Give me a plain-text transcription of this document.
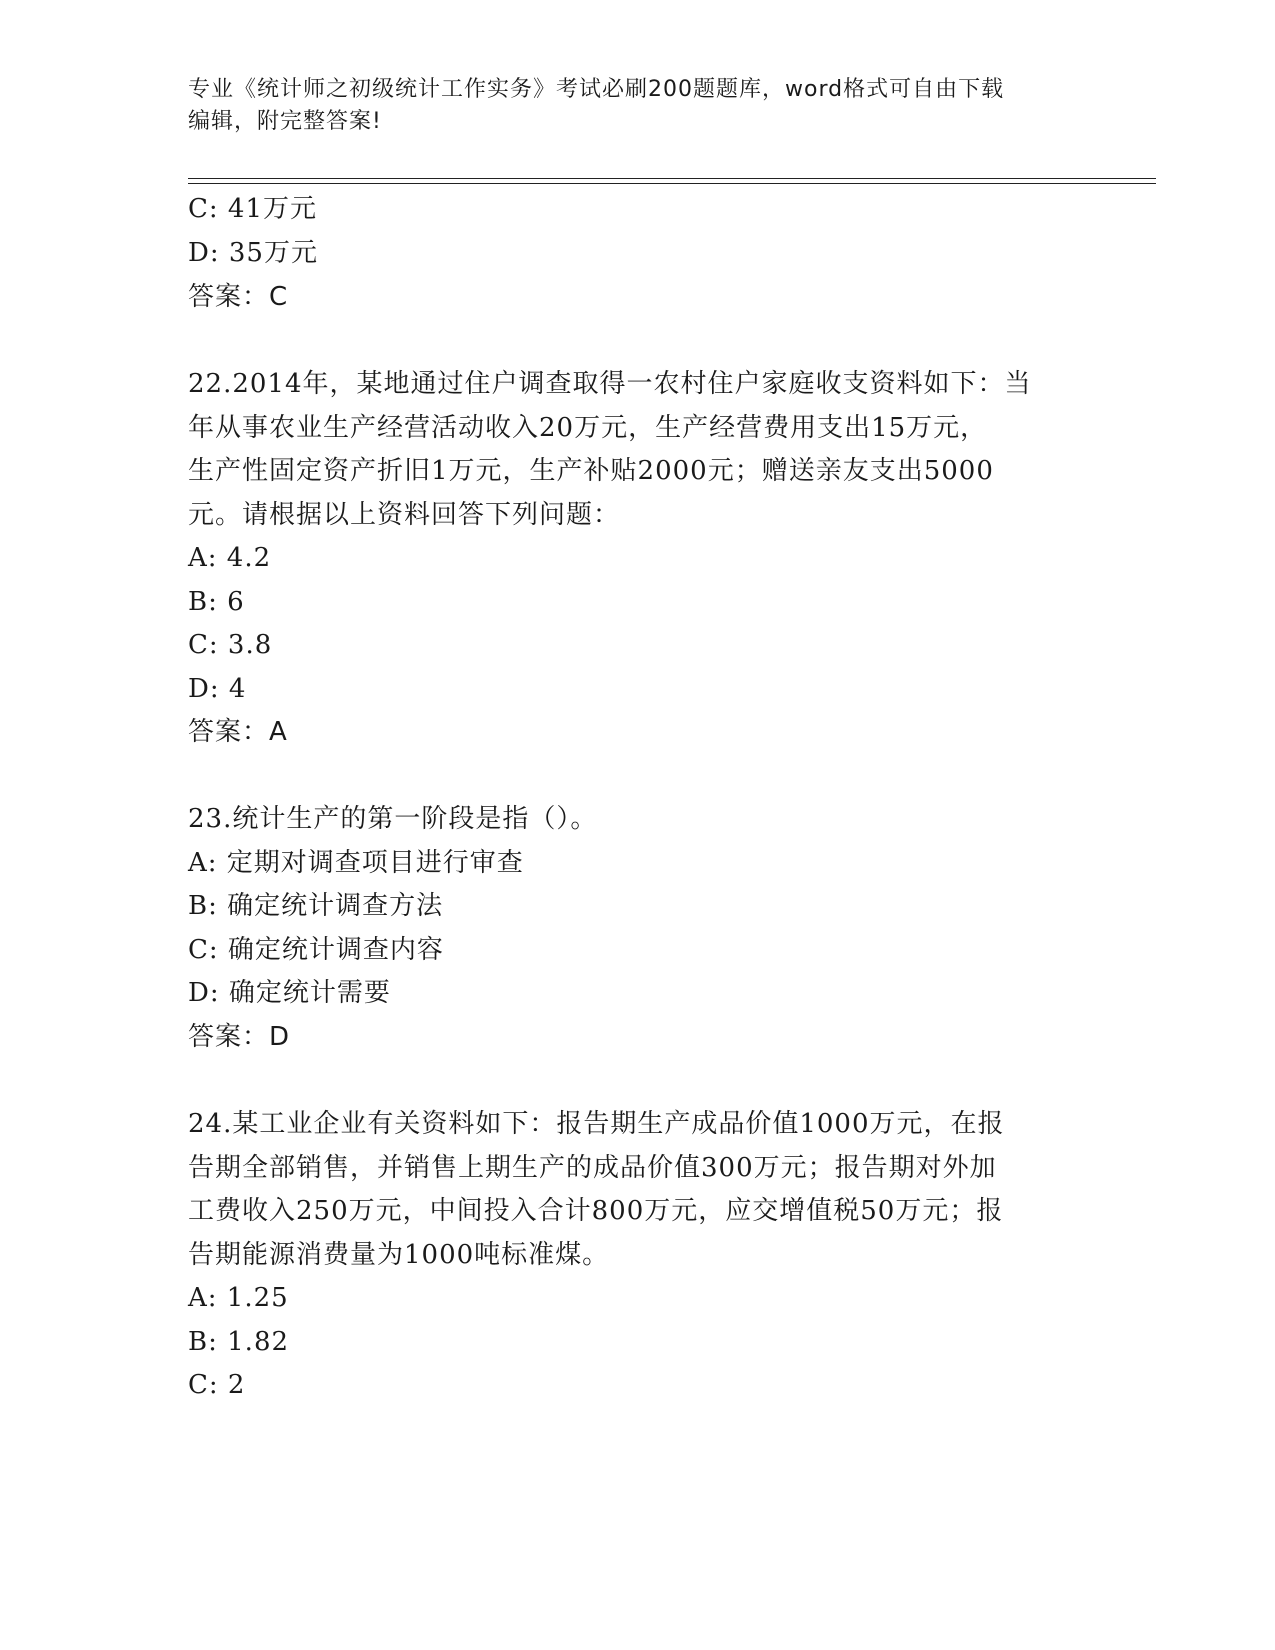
专业《统计师之初级统计工作实务》考试必刷200题题库，word格式可自由下载
编辑，附完整答案!
C: 41万元
D: 35万元
答案：C
22.2014年，某地通过住户调查取得一农村住户家庭收支资料如下：当
年从事农业生产经营活动收入20万元，生产经营费用支出15万元，
生产性固定资产折旧1万元，生产补贴2000元；赠送亲友支出5000
元。请根据以上资料回答下列问题：
A: 4.2
B: 6
C: 3.8
D: 4
答案：A
23.统计生产的第一阶段是指（）。
A: 定期对调查项目进行审查
B: 确定统计调查方法
C: 确定统计调查内容
D: 确定统计需要
答案：D
24.某工业企业有关资料如下：报告期生产成品价值1000万元，在报
告期全部销售，并销售上期生产的成品价值300万元；报告期对外加
工费收入250万元，中间投入合计800万元，应交增值税50万元；报
告期能源消费量为1000吨标准煤。
A: 1.25
B: 1.82
C: 2
